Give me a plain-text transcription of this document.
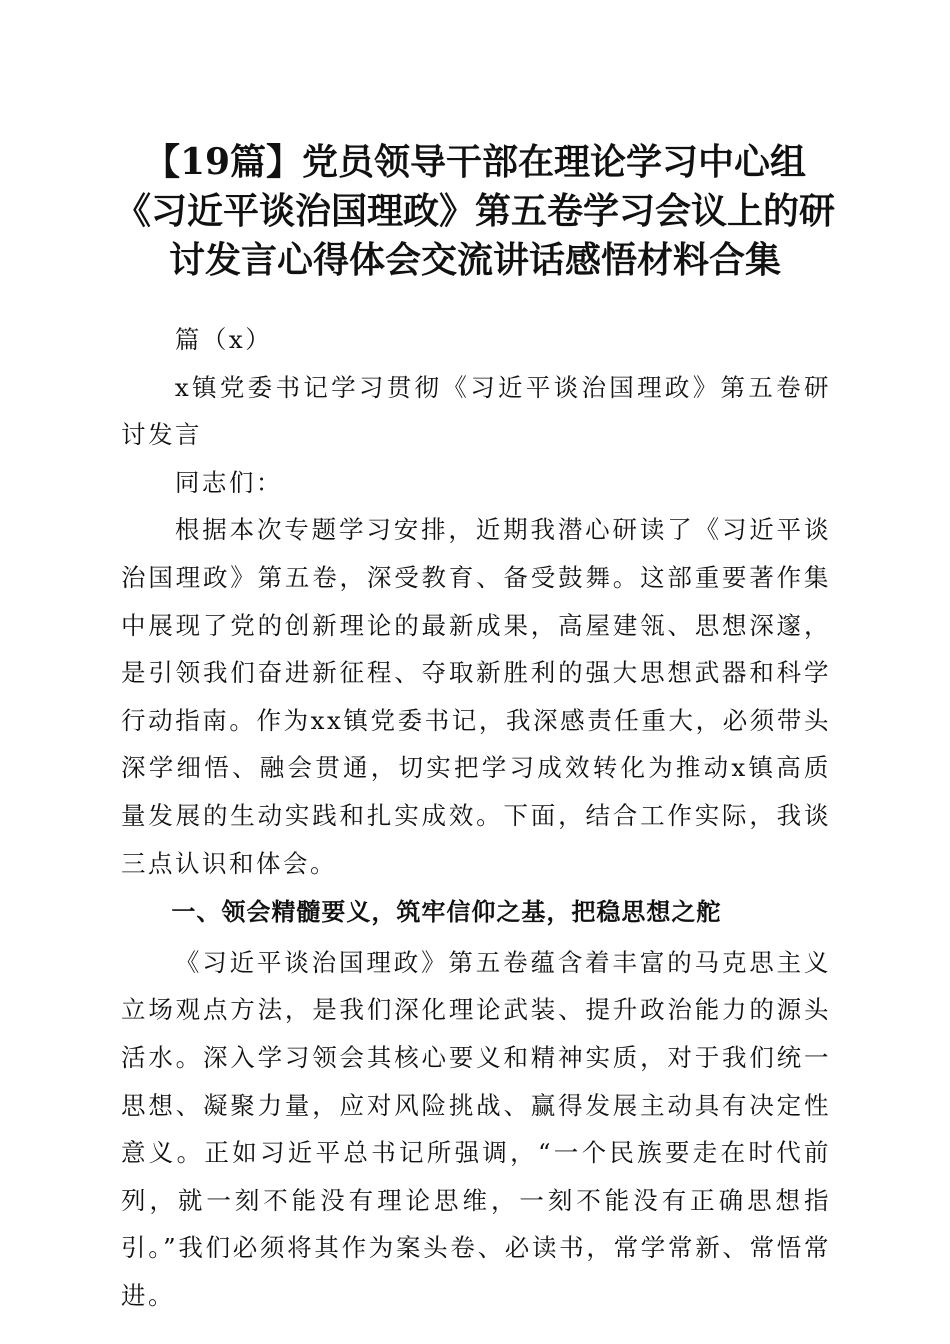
【19篇】党员领导干部在理论学习中心组
《习近平谈治国理政》第五卷学习会议上的研
讨发言心得体会交流讲话感悟材料合集

篇（x）

x镇党委书记学习贯彻《习近平谈治国理政》第五卷研讨发言

同志们：

根据本次专题学习安排，近期我潜心研读了《习近平谈治国理政》第五卷，深受教育、备受鼓舞。这部重要著作集中展现了党的创新理论的最新成果，高屋建瓴、思想深邃，是引领我们奋进新征程、夺取新胜利的强大思想武器和科学行动指南。作为xx镇党委书记，我深感责任重大，必须带头深学细悟、融会贯通，切实把学习成效转化为推动x镇高质量发展的生动实践和扎实成效。下面，结合工作实际，我谈三点认识和体会。

一、领会精髓要义，筑牢信仰之基，把稳思想之舵

《习近平谈治国理政》第五卷蕴含着丰富的马克思主义立场观点方法，是我们深化理论武装、提升政治能力的源头活水。深入学习领会其核心要义和精神实质，对于我们统一思想、凝聚力量，应对风险挑战、赢得发展主动具有决定性意义。正如习近平总书记所强调，“一个民族要走在时代前列，就一刻不能没有理论思维，一刻不能没有正确思想指引。”我们必须将其作为案头卷、必读书，常学常新、常悟常进。
